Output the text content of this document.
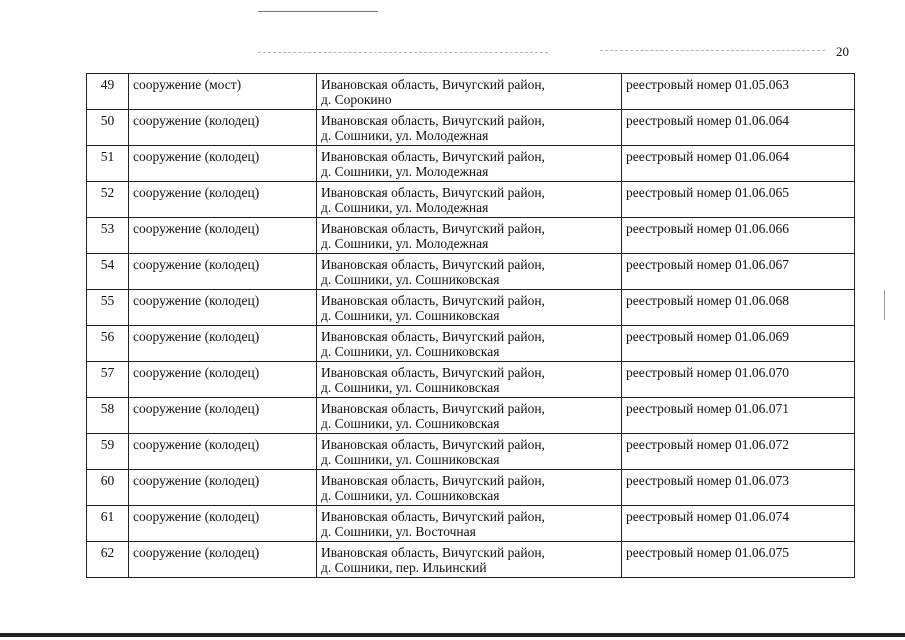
20
49	сооружение (мост)	Ивановская область, Вичугский район,
д. Сорокино	реестровый номер 01.05.063
50	сооружение (колодец)	Ивановская область, Вичугский район,
д. Сошники, ул. Молодежная	реестровый номер 01.06.064
51	сооружение (колодец)	Ивановская область, Вичугский район,
д. Сошники, ул. Молодежная	реестровый номер 01.06.064
52	сооружение (колодец)	Ивановская область, Вичугский район,
д. Сошники, ул. Молодежная	реестровый номер 01.06.065
53	сооружение (колодец)	Ивановская область, Вичугский район,
д. Сошники, ул. Молодежная	реестровый номер 01.06.066
54	сооружение (колодец)	Ивановская область, Вичугский район,
д. Сошники, ул. Сошниковская	реестровый номер 01.06.067
55	сооружение (колодец)	Ивановская область, Вичугский район,
д. Сошники, ул. Сошниковская	реестровый номер 01.06.068
56	сооружение (колодец)	Ивановская область, Вичугский район,
д. Сошники, ул. Сошниковская	реестровый номер 01.06.069
57	сооружение (колодец)	Ивановская область, Вичугский район,
д. Сошники, ул. Сошниковская	реестровый номер 01.06.070
58	сооружение (колодец)	Ивановская область, Вичугский район,
д. Сошники, ул. Сошниковская	реестровый номер 01.06.071
59	сооружение (колодец)	Ивановская область, Вичугский район,
д. Сошники, ул. Сошниковская	реестровый номер 01.06.072
60	сооружение (колодец)	Ивановская область, Вичугский район,
д. Сошники, ул. Сошниковская	реестровый номер 01.06.073
61	сооружение (колодец)	Ивановская область, Вичугский район,
д. Сошники, ул. Восточная	реестровый номер 01.06.074
62	сооружение (колодец)	Ивановская область, Вичугский район,
д. Сошники, пер. Ильинский	реестровый номер 01.06.075
